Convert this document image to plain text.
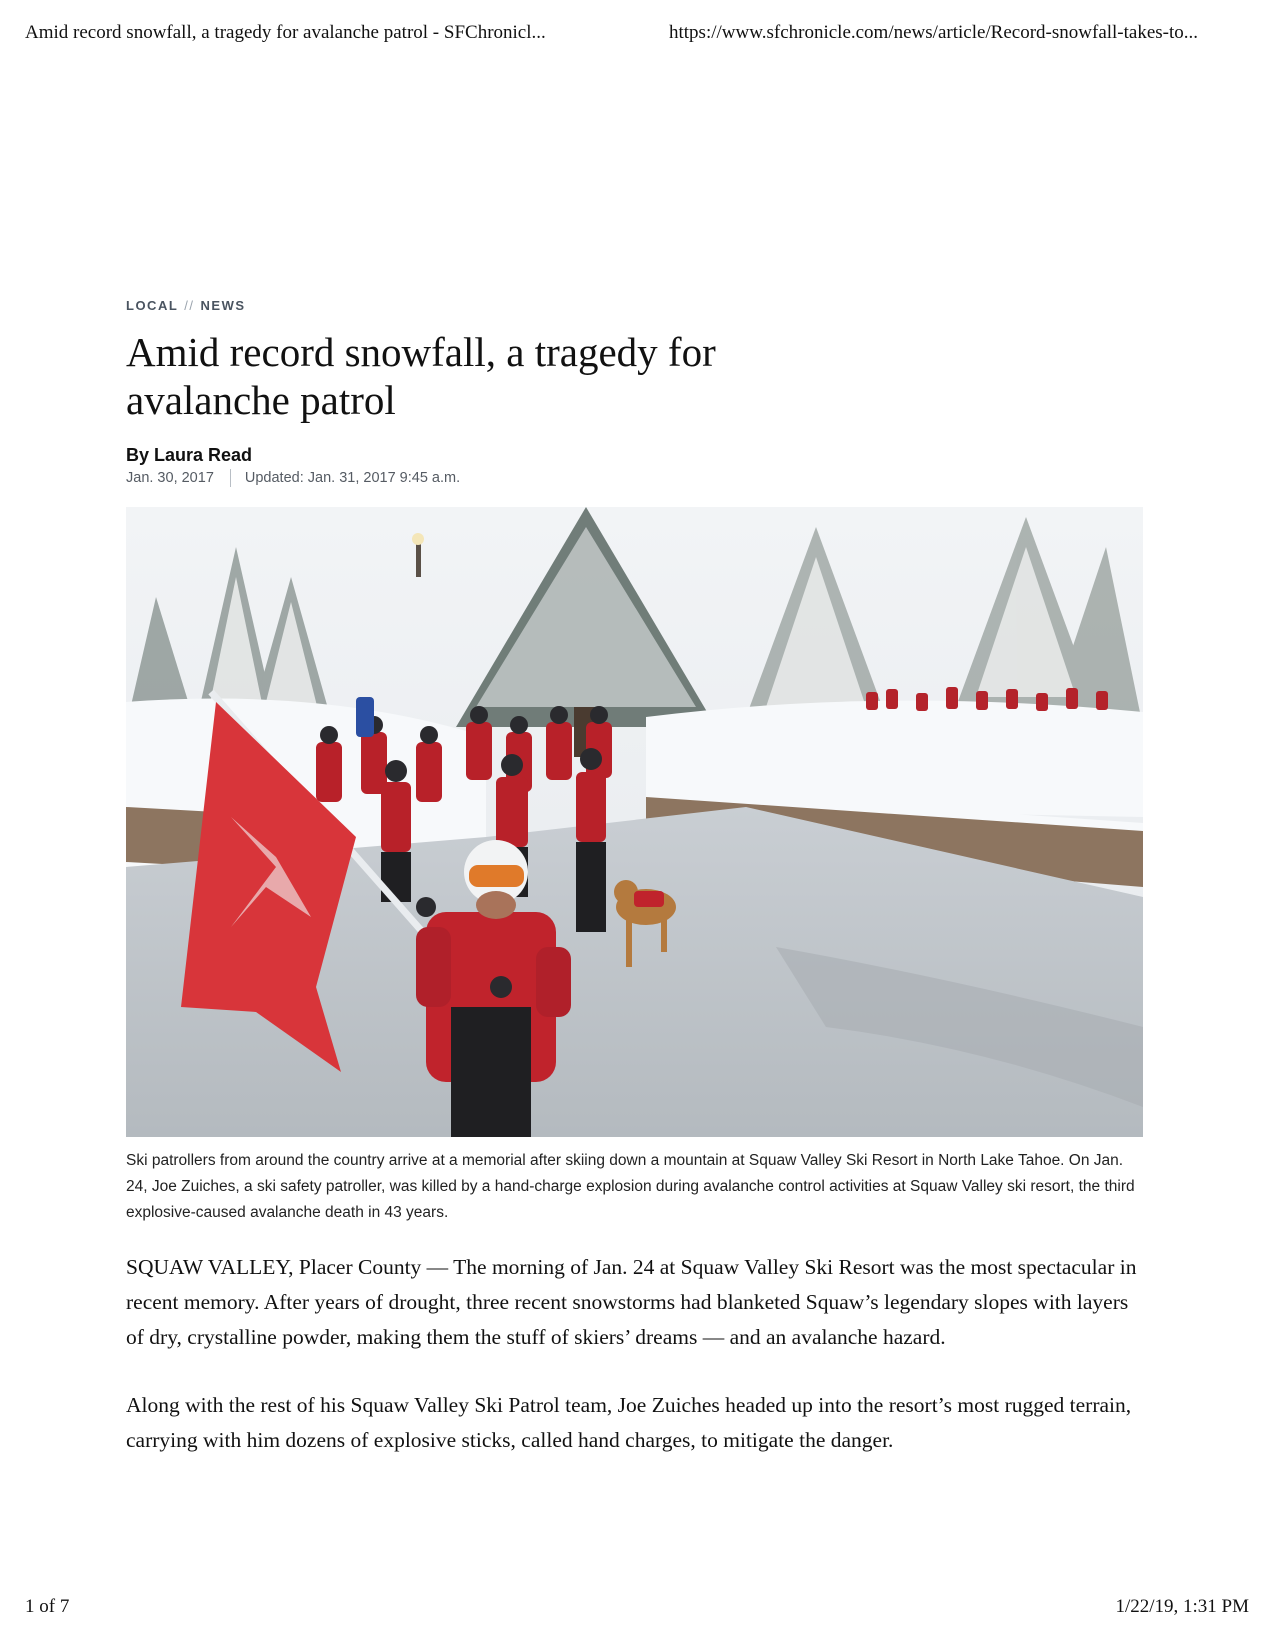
Amid record snowfall, a tragedy for avalanche patrol - SFChronicl...	https://www.sfchronicle.com/news/article/Record-snowfall-takes-to...
LOCAL // NEWS
Amid record snowfall, a tragedy for avalanche patrol
By Laura Read
Jan. 30, 2017 Updated: Jan. 31, 2017 9:45 a.m.
Ski patrollers from around the country arrive at a memorial after skiing down a mountain at Squaw Valley Ski Resort in North Lake Tahoe. On Jan. 24, Joe Zuiches, a ski safety patroller, was killed by a hand-charge explosion during avalanche control activities at Squaw Valley ski resort, the third explosive-caused avalanche death in 43 years.

SQUAW VALLEY, Placer County — The morning of Jan. 24 at Squaw Valley Ski Resort was the most spectacular in recent memory. After years of drought, three recent snowstorms had blanketed Squaw’s legendary slopes with layers of dry, crystalline powder, making them the stuff of skiers’ dreams — and an avalanche hazard.

Along with the rest of his Squaw Valley Ski Patrol team, Joe Zuiches headed up into the resort’s most rugged terrain, carrying with him dozens of explosive sticks, called hand charges, to mitigate the danger.

1 of 7	1/22/19, 1:31 PM
